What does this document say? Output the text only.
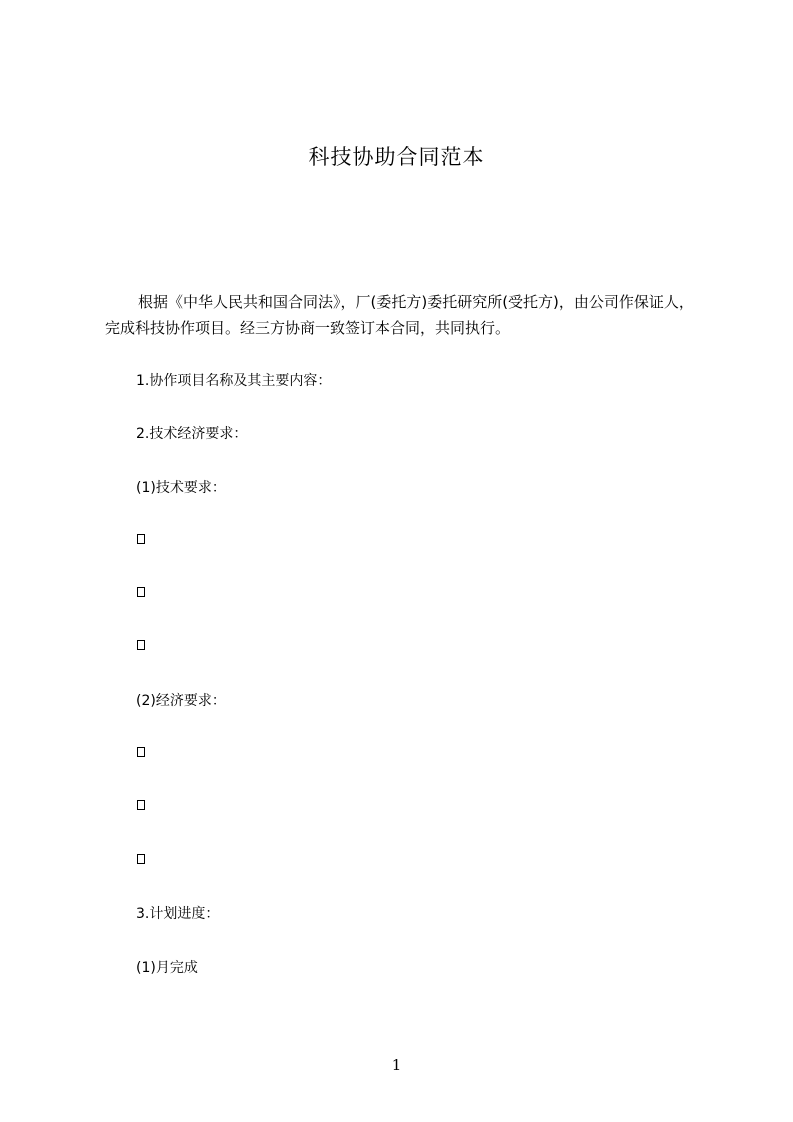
科技协助合同范本

根据《中华人民共和国合同法》，厂(委托方)委托研究所(受托方)，由公司作保证人，完成科技协作项目。经三方协商一致签订本合同，共同执行。

1.协作项目名称及其主要内容：
2.技术经济要求：
(1)技术要求：
(2)经济要求：
3.计划进度：
(1)月完成
1
